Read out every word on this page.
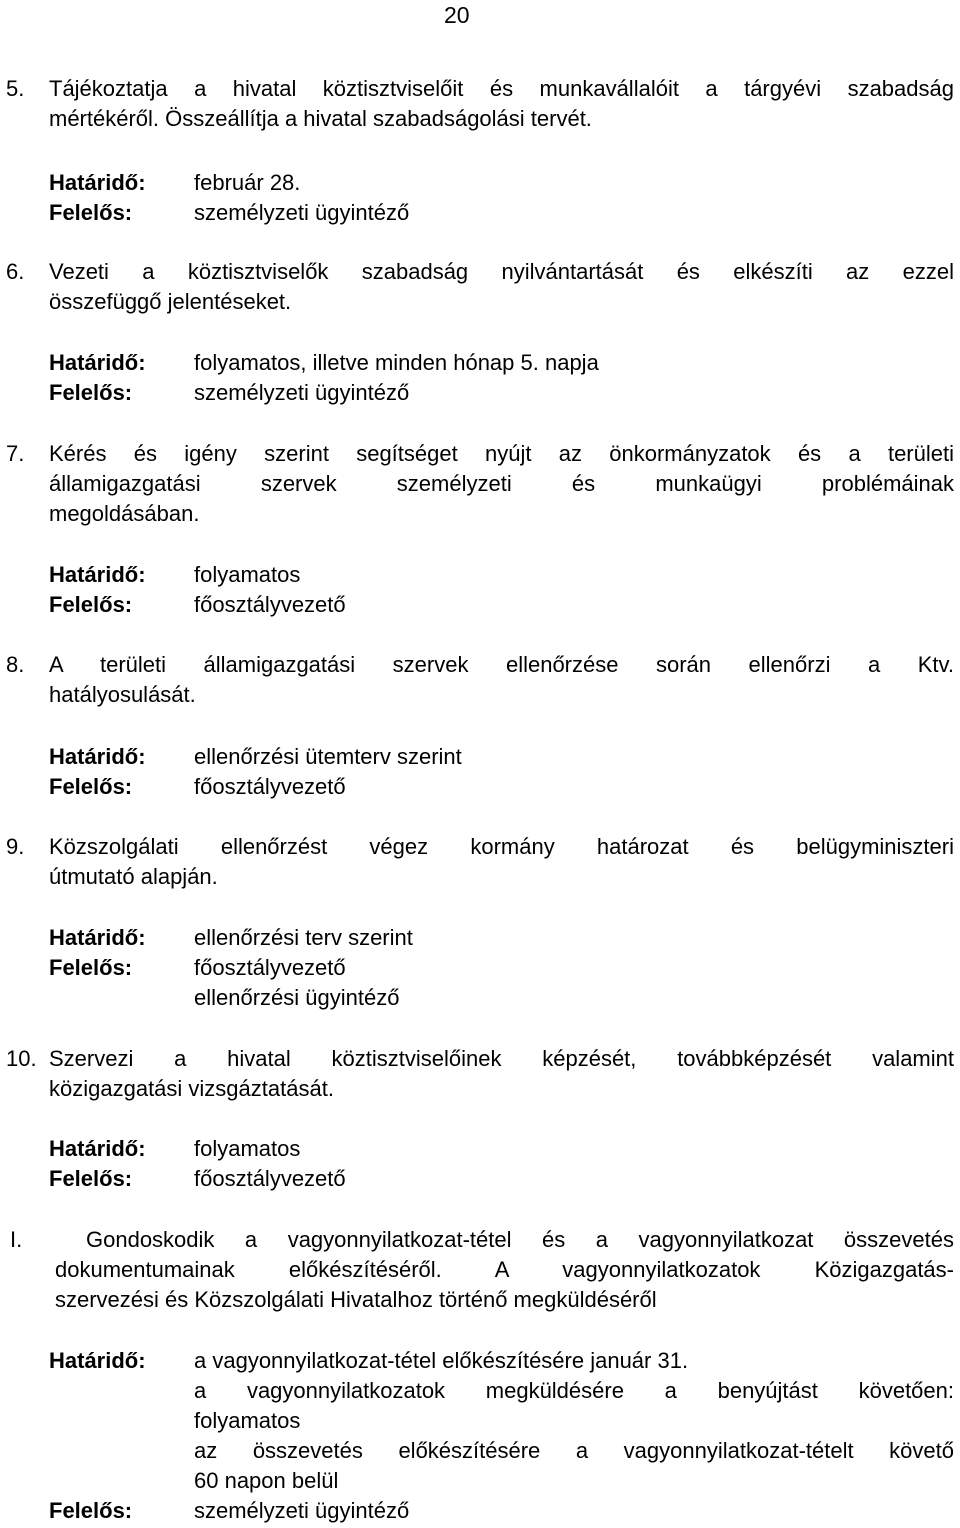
20
5. Tájékoztatja a hivatal köztisztviselőit és munkavállalóit a tárgyévi szabadság
mértékéről. Összeállítja a hivatal szabadságolási tervét.
Határidő: február 28.
Felelős:	személyzeti ügyintéző
6. Vezeti a köztisztviselők szabadság nyilvántartását és elkészíti az ezzel
összefüggő jelentéseket.
Határidő: folyamatos, illetve minden hónap 5. napja
Felelős:	személyzeti ügyintéző
7. Kérés és igény szerint segítséget nyújt az önkormányzatok és a területi
államigazgatási szervek személyzeti és munkaügyi problémáinak
megoldásában.
Határidő: folyamatos
Felelős:	főosztályvezető
8. A területi államigazgatási szervek ellenőrzése során ellenőrzi a Ktv.
hatályosulását.
Határidő: ellenőrzési ütemterv szerint
Felelős:	főosztályvezető
9. Közszolgálati ellenőrzést végez kormány határozat és belügyminiszteri
útmutató alapján.
Határidő: ellenőrzési terv szerint
Felelős:	főosztályvezető
ellenőrzési ügyintéző
10. Szervezi a hivatal köztisztviselőinek képzését, továbbképzését valamint
közigazgatási vizsgáztatását.
Határidő: folyamatos
Felelős:	főosztályvezető
I.	Gondoskodik a vagyonnyilatkozat-tétel és a vagyonnyilatkozat összevetés
dokumentumainak előkészítéséről. A vagyonnyilatkozatok Közigazgatás-
szervezési és Közszolgálati Hivatalhoz történő megküldéséről
Határidő: a vagyonnyilatkozat-tétel előkészítésére január 31.
a vagyonnyilatkozatok megküldésére a benyújtást követően:
folyamatos
az összevetés előkészítésére a vagyonnyilatkozat-tételt követő
60 napon belül
Felelős:	személyzeti ügyintéző
